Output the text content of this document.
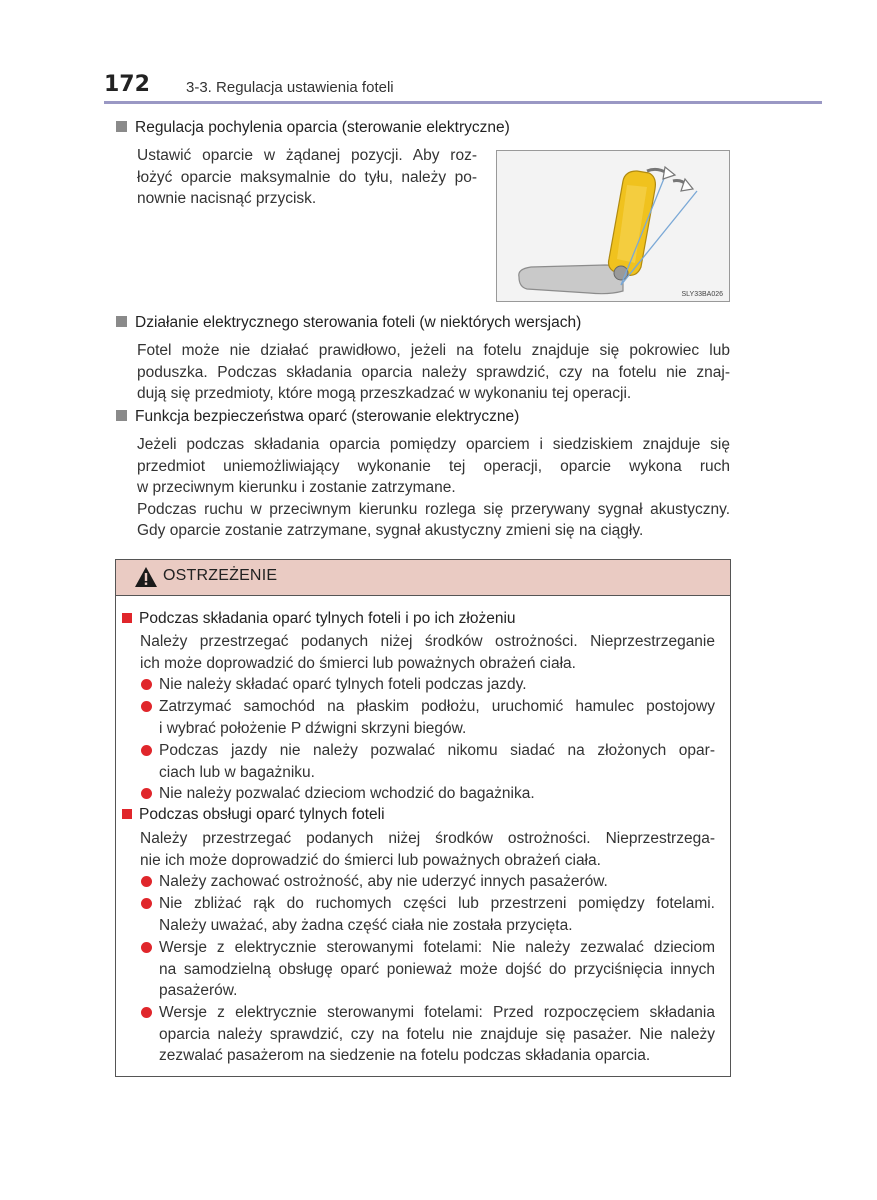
172 3-3. Regulacja ustawienia foteli
Regulacja pochylenia oparcia (sterowanie elektryczne)
Ustawić oparcie w żądanej pozycji. Aby roz-
łożyć oparcie maksymalnie do tyłu, należy po-
nownie nacisnąć przycisk.
SLY33BA026
Działanie elektrycznego sterowania foteli (w niektórych wersjach)
Fotel może nie działać prawidłowo, jeżeli na fotelu znajduje się pokrowiec lub
poduszka. Podczas składania oparcia należy sprawdzić, czy na fotelu nie znaj-
dują się przedmioty, które mogą przeszkadzać w wykonaniu tej operacji.
Funkcja bezpieczeństwa oparć (sterowanie elektryczne)
Jeżeli podczas składania oparcia pomiędzy oparciem i siedziskiem znajduje się
przedmiot uniemożliwiający wykonanie tej operacji, oparcie wykona ruch
w przeciwnym kierunku i zostanie zatrzymane.
Podczas ruchu w przeciwnym kierunku rozlega się przerywany sygnał akustyczny.
Gdy oparcie zostanie zatrzymane, sygnał akustyczny zmieni się na ciągły.
OSTRZEŻENIE
Podczas składania oparć tylnych foteli i po ich złożeniu
Należy przestrzegać podanych niżej środków ostrożności. Nieprzestrzeganie
ich może doprowadzić do śmierci lub poważnych obrażeń ciała.
Nie należy składać oparć tylnych foteli podczas jazdy.
Zatrzymać samochód na płaskim podłożu, uruchomić hamulec postojowy
i wybrać położenie P dźwigni skrzyni biegów.
Podczas jazdy nie należy pozwalać nikomu siadać na złożonych opar-
ciach lub w bagażniku.
Nie należy pozwalać dzieciom wchodzić do bagażnika.
Podczas obsługi oparć tylnych foteli
Należy przestrzegać podanych niżej środków ostrożności. Nieprzestrzega-
nie ich może doprowadzić do śmierci lub poważnych obrażeń ciała.
Należy zachować ostrożność, aby nie uderzyć innych pasażerów.
Nie zbliżać rąk do ruchomych części lub przestrzeni pomiędzy fotelami.
Należy uważać, aby żadna część ciała nie została przycięta.
Wersje z elektrycznie sterowanymi fotelami: Nie należy zezwalać dzieciom
na samodzielną obsługę oparć ponieważ może dojść do przyciśnięcia innych
pasażerów.
Wersje z elektrycznie sterowanymi fotelami: Przed rozpoczęciem składania
oparcia należy sprawdzić, czy na fotelu nie znajduje się pasażer. Nie należy
zezwalać pasażerom na siedzenie na fotelu podczas składania oparcia.
